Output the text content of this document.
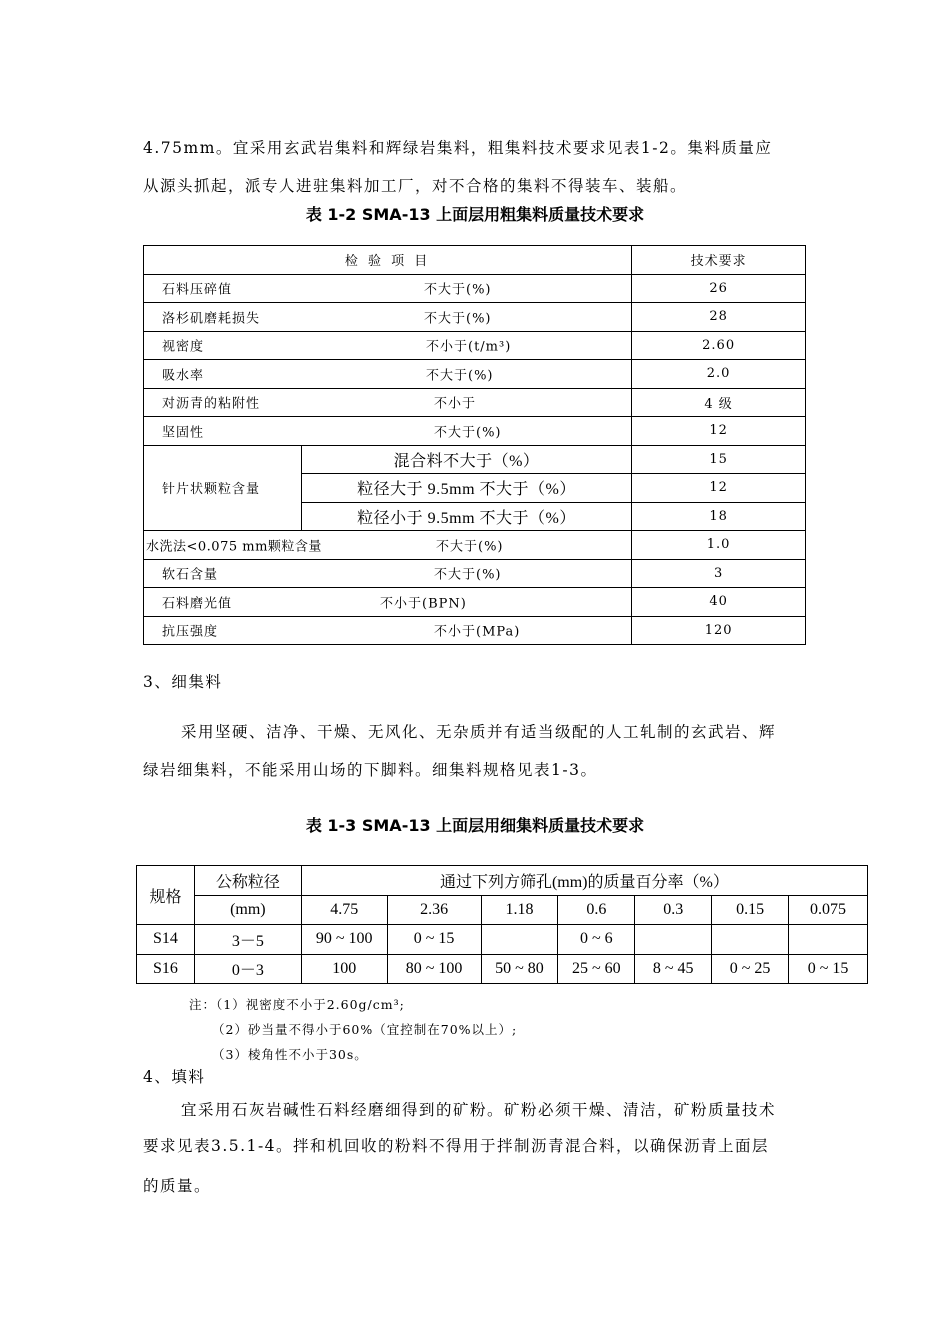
4.75mm。宜采用玄武岩集料和辉绿岩集料，粗集料技术要求见表1-2。集料质量应
从源头抓起，派专人进驻集料加工厂，对不合格的集料不得装车、装船。
表 1-2 SMA-13 上面层用粗集料质量技术要求
检 验 项 目		技术要求

石料压碎值 不大于(%)		26

洛杉矶磨耗损失 不大于(%)		28

视密度 不小于(t/m³)		2.60

吸水率 不大于(%)		2.0

对沥青的粘附性 不小于		4 级

坚固性 不大于(%)		12
针片状颗粒含量	混合料不大于（%）	15
	粒径大于 9.5mm 不大于（%）	12
	粒径小于 9.5mm 不大于（%）	18

水洗法<0.075 mm颗粒含量 不大于(%)		1.0

软石含量 不大于(%)		3

石料磨光值 不小于(BPN)		40

抗压强度 不小于(MPa)		120
3、细集料
采用坚硬、洁净、干燥、无风化、无杂质并有适当级配的人工轧制的玄武岩、辉
绿岩细集料，不能采用山场的下脚料。细集料规格见表1-3。
表 1-3 SMA-13 上面层用细集料质量技术要求
规格	公称粒径	通过下列方筛孔(mm)的质量百分率（%）						
	(mm)	4.75	2.36	1.18	0.6	0.3	0.15	0.075
S14	3－5	90 ~ 100	0 ~ 15		0 ~ 6			
S16	0－3	100	80 ~ 100	50 ~ 80	25 ~ 60	8 ~ 45	0 ~ 25	0 ~ 15
注：（1）视密度不小于2.60g/cm³;
（2）砂当量不得小于60%（宜控制在70%以上）;
（3）棱角性不小于30s。
4、填料
宜采用石灰岩碱性石料经磨细得到的矿粉。矿粉必须干燥、清洁，矿粉质量技术
要求见表3.5.1-4。拌和机回收的粉料不得用于拌制沥青混合料，以确保沥青上面层
的质量。
